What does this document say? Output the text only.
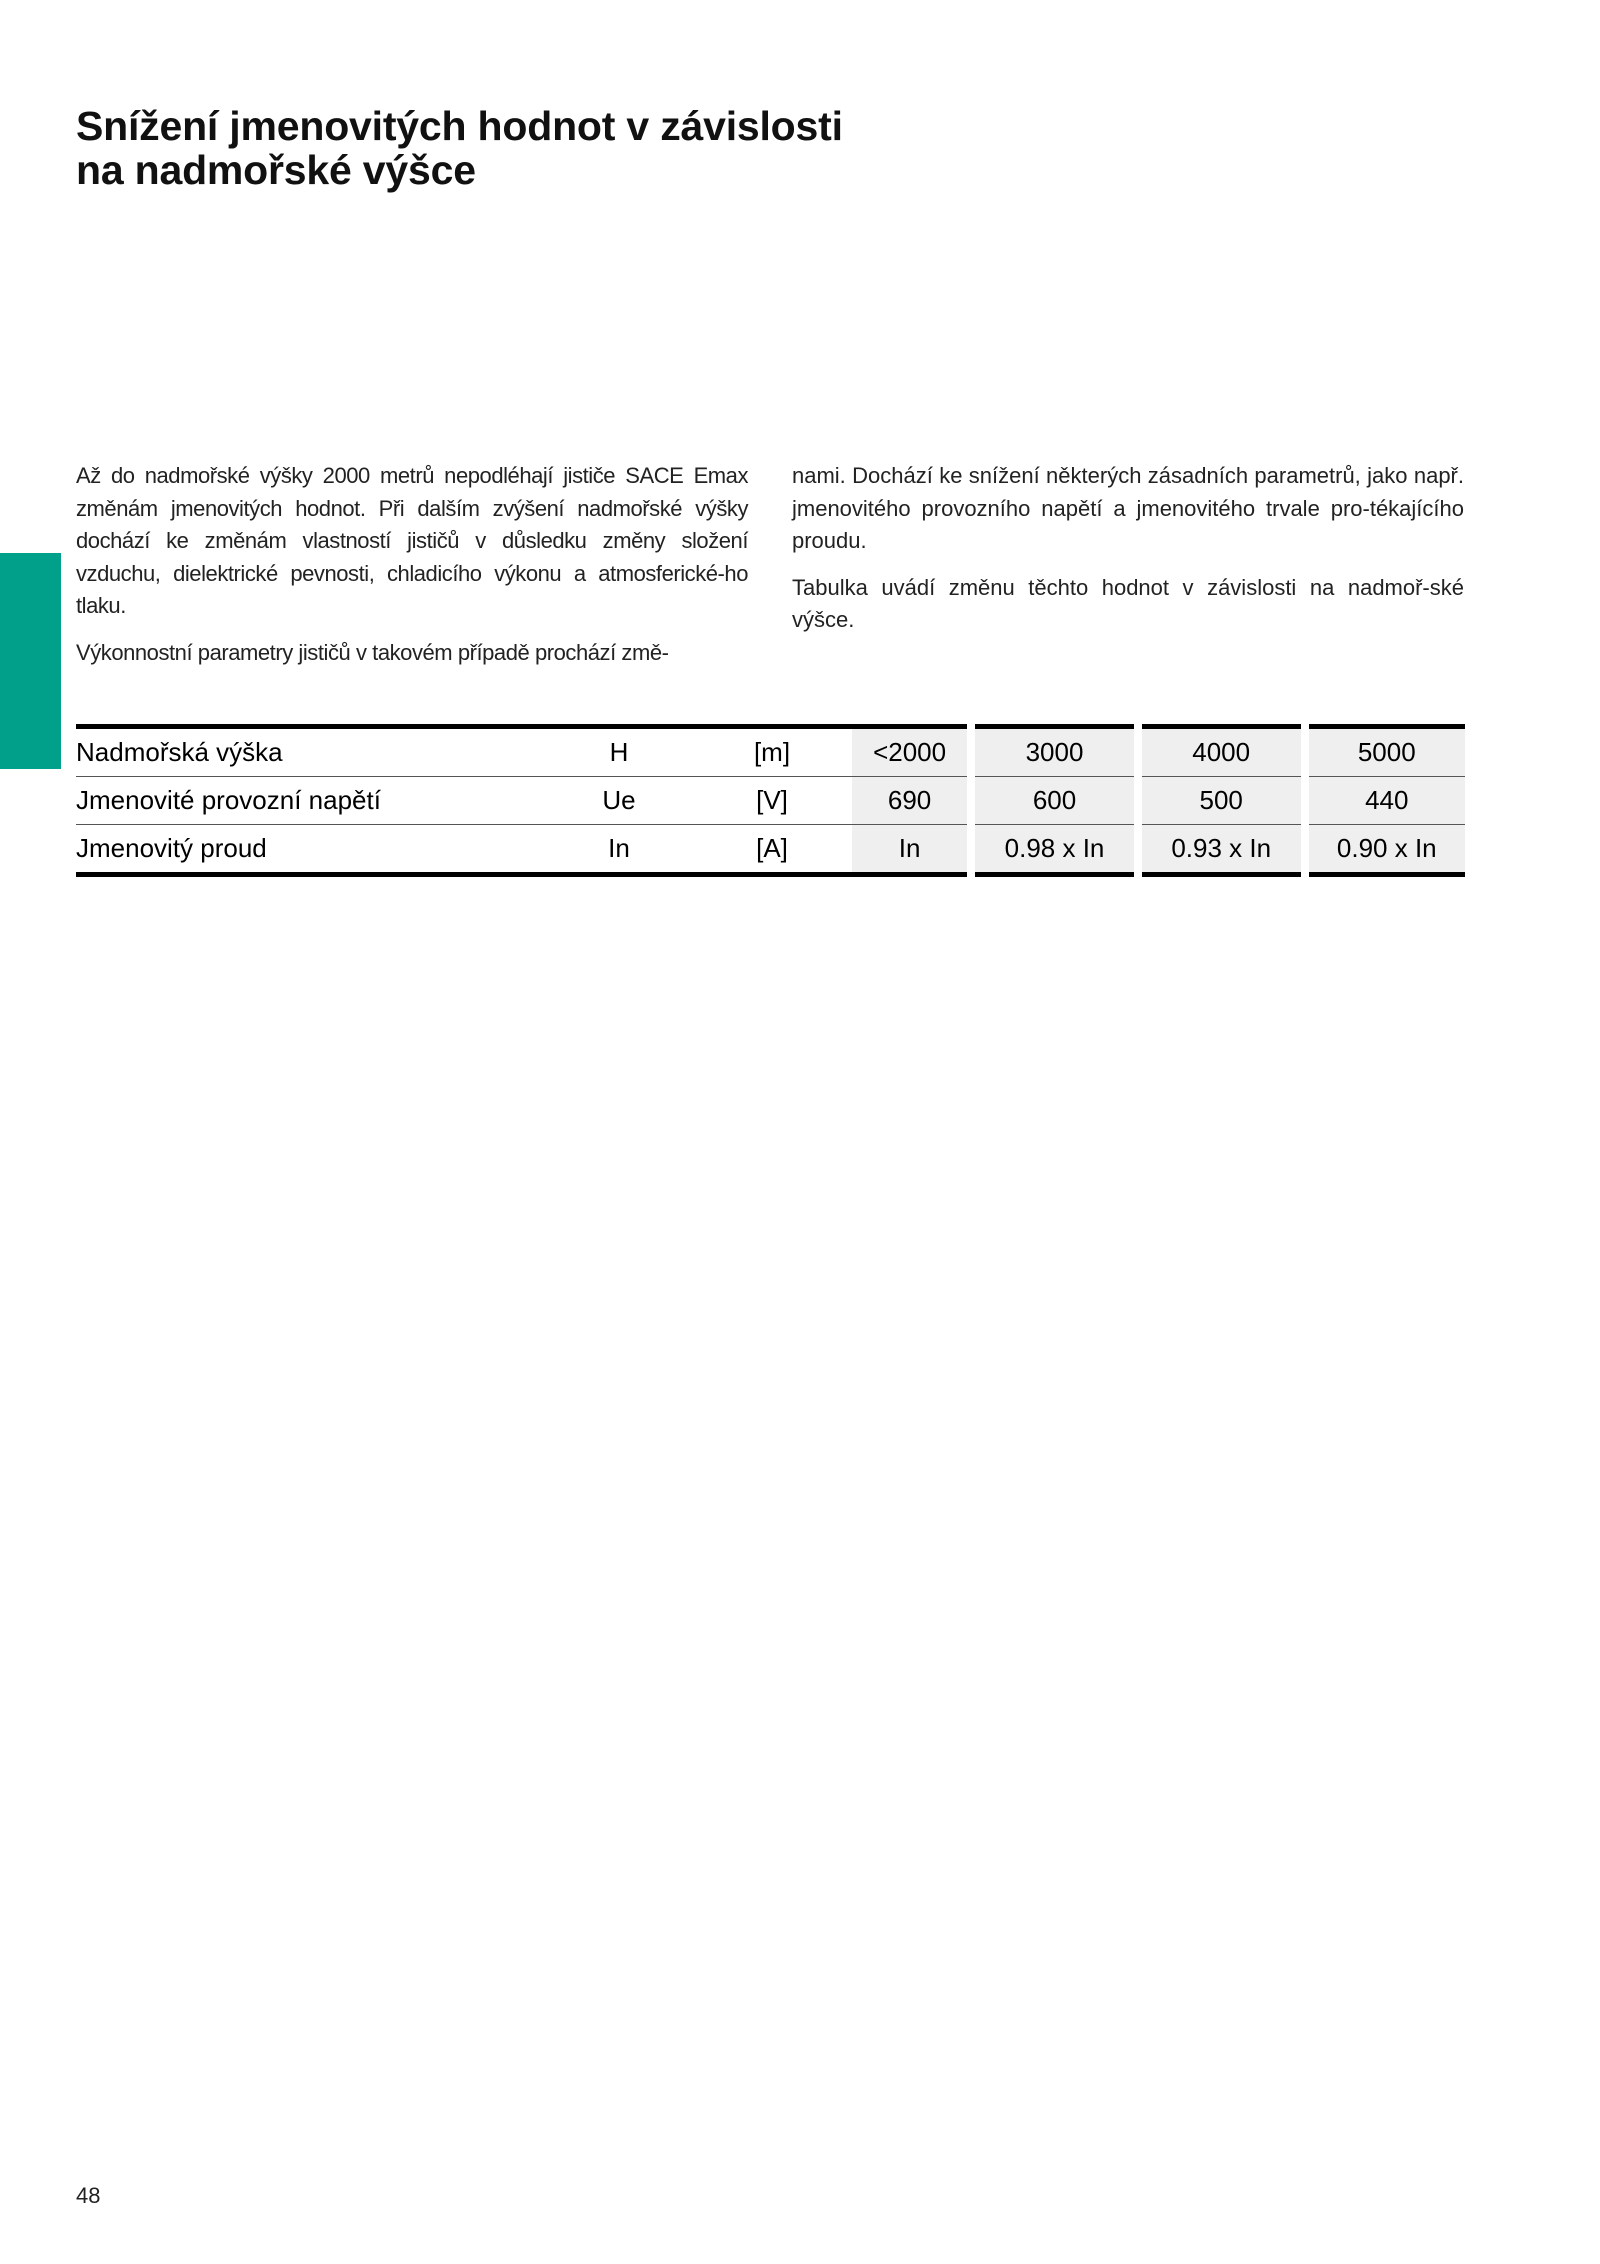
Snížení jmenovitých hodnot v závislosti
na nadmořské výšce

Až do nadmořské výšky 2000 metrů nepodléhají jističe SACE Emax změnám jmenovitých hodnot. Při dalším zvýšení nadmořské výšky dochází ke změnám vlastností jističů v důsledku změny složení vzduchu, dielektrické pevnosti, chladicího výkonu a atmosferické-ho tlaku.

Výkonnostní parametry jističů v takovém případě prochází změ-

nami. Dochází ke snížení některých zásadních parametrů, jako např. jmenovitého provozního napětí a jmenovitého trvale pro-tékajícího proudu.

Tabulka uvádí změnu těchto hodnot v závislosti na nadmoř-ské výšce.

Nadmořská výška	H	[m]	<2000	3000	4000	5000
Jmenovité provozní napětí	Ue	[V]	690	600	500	440
Jmenovitý proud	In	[A]	In	0.98 x In	0.93 x In	0.90 x In
48
